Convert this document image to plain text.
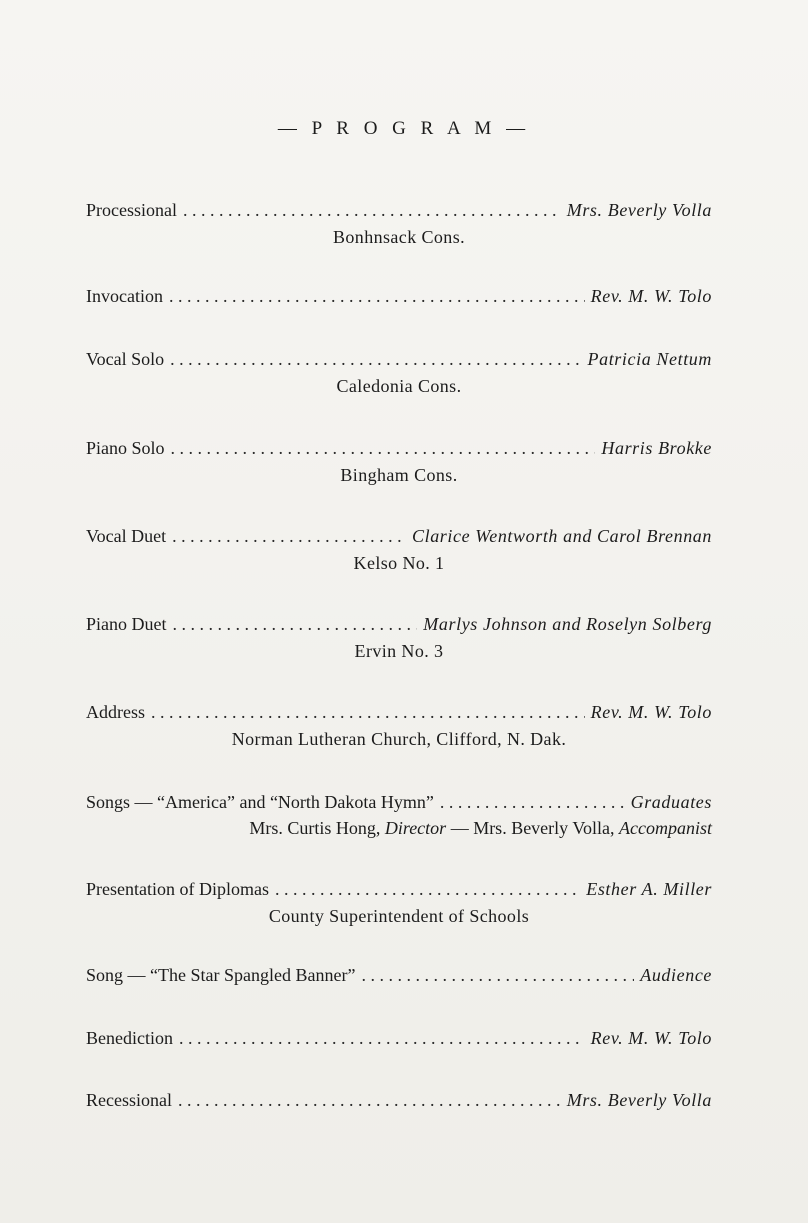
— P R O G R A M —
Processional . . .	Mrs. Beverly Volla
Bonhnsack Cons.
Invocation . . .	Rev. M. W. Tolo
Vocal Solo . . .	Patricia Nettum
Caledonia Cons.
Piano Solo . . .	Harris Brokke
Bingham Cons.
Vocal Duet . . .	Clarice Wentworth and Carol Brennan
Kelso No. 1
Piano Duet . . .	Marlys Johnson and Roselyn Solberg
Ervin No. 3
Address . . .	Rev. M. W. Tolo
Norman Lutheran Church, Clifford, N. Dak.
Songs — “America” and “North Dakota Hymn” . . .	Graduates
Mrs. Curtis Hong, Director — Mrs. Beverly Volla, Accompanist
Presentation of Diplomas . . .	Esther A. Miller
County Superintendent of Schools
Song — “The Star Spangled Banner” . . .	Audience
Benediction . . .	Rev. M. W. Tolo
Recessional . . .	Mrs. Beverly Volla
